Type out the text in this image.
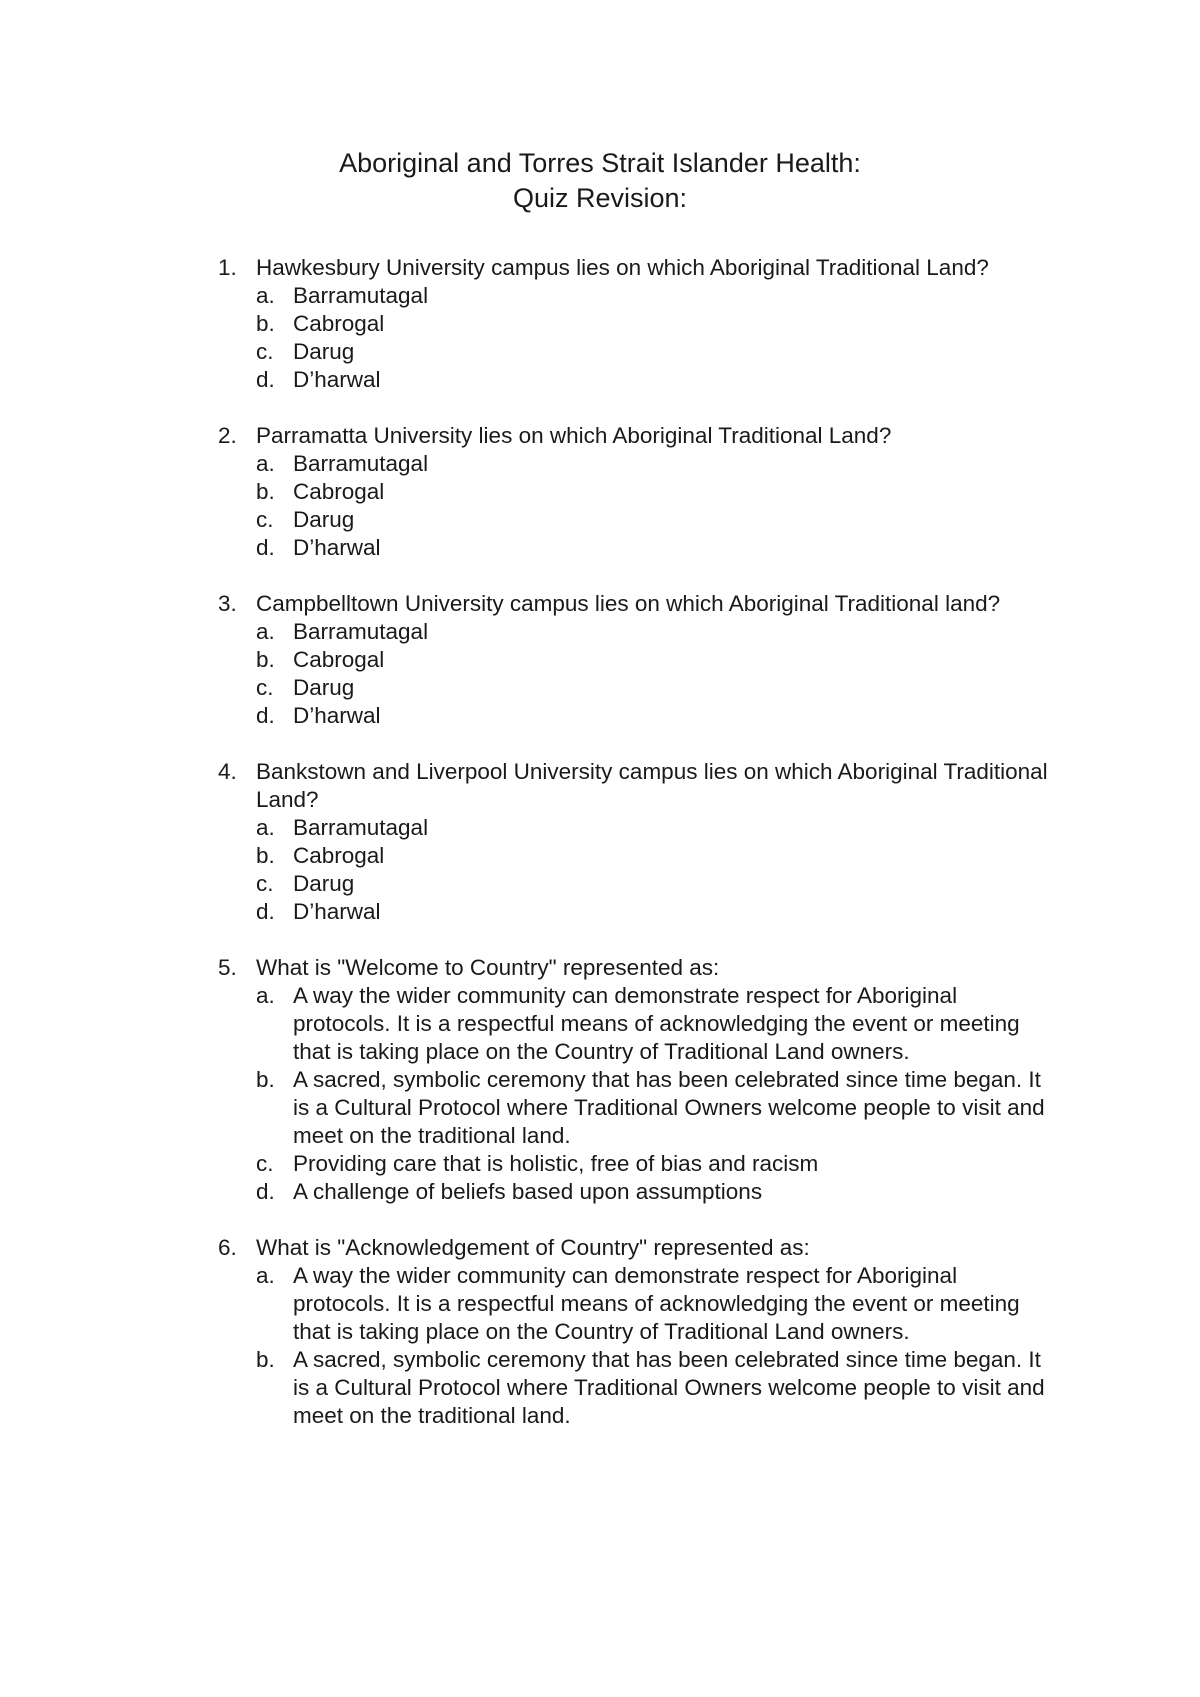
Aboriginal and Torres Strait Islander Health:
Quiz Revision:
1. Hawkesbury University campus lies on which Aboriginal Traditional Land?
a. Barramutagal
b. Cabrogal
c. Darug
d. D’harwal
2. Parramatta University lies on which Aboriginal Traditional Land?
a. Barramutagal
b. Cabrogal
c. Darug
d. D’harwal
3. Campbelltown University campus lies on which Aboriginal Traditional land?
a. Barramutagal
b. Cabrogal
c. Darug
d. D’harwal
4. Bankstown and Liverpool University campus lies on which Aboriginal Traditional Land?
a. Barramutagal
b. Cabrogal
c. Darug
d. D’harwal
5. What is "Welcome to Country" represented as:
a. A way the wider community can demonstrate respect for Aboriginal protocols. It is a respectful means of acknowledging the event or meeting that is taking place on the Country of Traditional Land owners.
b. A sacred, symbolic ceremony that has been celebrated since time began. It is a Cultural Protocol where Traditional Owners welcome people to visit and meet on the traditional land.
c. Providing care that is holistic, free of bias and racism
d. A challenge of beliefs based upon assumptions
6. What is "Acknowledgement of Country" represented as:
a. A way the wider community can demonstrate respect for Aboriginal protocols. It is a respectful means of acknowledging the event or meeting that is taking place on the Country of Traditional Land owners.
b. A sacred, symbolic ceremony that has been celebrated since time began. It is a Cultural Protocol where Traditional Owners welcome people to visit and meet on the traditional land.
